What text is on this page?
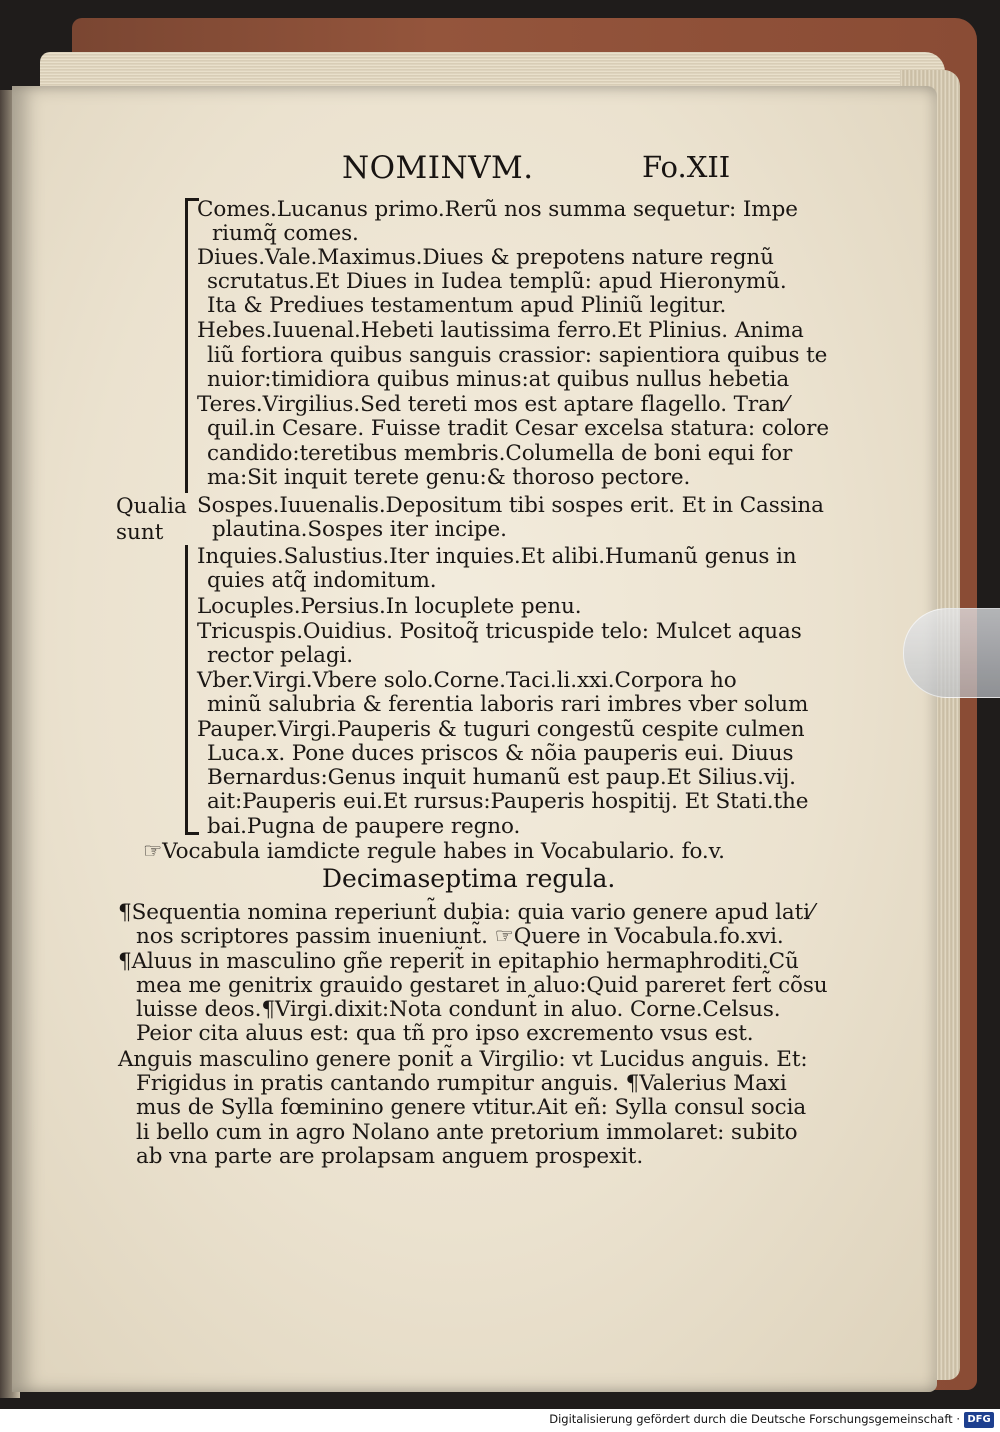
NOMINVM.	Fo.XII
Qualia
sunt
Comes.Lucanus primo.Rerũ nos summa sequetur: Impe
riumq̃ comes.
Diues.Vale.Maximus.Diues & prepotens nature regnũ
scrutatus.Et Diues in Iudea templũ: apud Hieronymũ.
Ita & Prediues testamentum apud Pliniũ legitur.
Hebes.Iuuenal.Hebeti lautissima ferro.Et Plinius. Anima
liũ fortiora quibus sanguis crassior: sapientiora quibus te
nuior:timidiora quibus minus:at quibus nullus hebetia
Teres.Virgilius.Sed tereti mos est aptare flagello. Tran⁄
quil.in Cesare. Fuisse tradit Cesar excelsa statura: colore
candido:teretibus membris.Columella de boni equi for
ma:Sit inquit terete genu:& thoroso pectore.
Sospes.Iuuenalis.Depositum tibi sospes erit. Et in Cassina
plautina.Sospes iter incipe.
Inquies.Salustius.Iter inquies.Et alibi.Humanũ genus in
quies atq̃ indomitum.
Locuples.Persius.In locuplete penu.
Tricuspis.Ouidius. Positoq̃ tricuspide telo: Mulcet aquas
rector pelagi.
Vber.Virgi.Vbere solo.Corne.Taci.li.xxi.Corpora ho
minũ salubria & ferentia laboris rari imbres vber solum
Pauper.Virgi.Pauperis & tuguri congestũ cespite culmen
Luca.x. Pone duces priscos & nõia pauperis eui. Diuus
Bernardus:Genus inquit humanũ est paup.Et Silius.vij.
ait:Pauperis eui.Et rursus:Pauperis hospitij. Et Stati.the
bai.Pugna de paupere regno.
☞Vocabula iamdicte regule habes in Vocabulario. fo.v.
Decimaseptima regula.
¶Sequentia nomina reperiunt̃ dubia: quia vario genere apud lati⁄
nos scriptores passim inueniunt̃. ☞Quere in Vocabula.fo.xvi.
¶Aluus in masculino gñe reperit̃ in epitaphio hermaphroditi.Cũ
mea me genitrix grauido gestaret in aluo:Quid pareret fert̃ cõsu
luisse deos.¶Virgi.dixit:Nota condunt̃ in aluo. Corne.Celsus.
Peior cita aluus est: qua tñ pro ipso excremento vsus est.
Anguis masculino genere ponit̃ a Virgilio: vt Lucidus anguis. Et:
Frigidus in pratis cantando rumpitur anguis. ¶Valerius Maxi
mus de Sylla fœminino genere vtitur.Ait eñ: Sylla consul socia
li bello cum in agro Nolano ante pretorium immolaret: subito
ab vna parte are prolapsam anguem prospexit.
Digitalisierung gefördert durch die Deutsche Forschungsgemeinschaft · DFG
